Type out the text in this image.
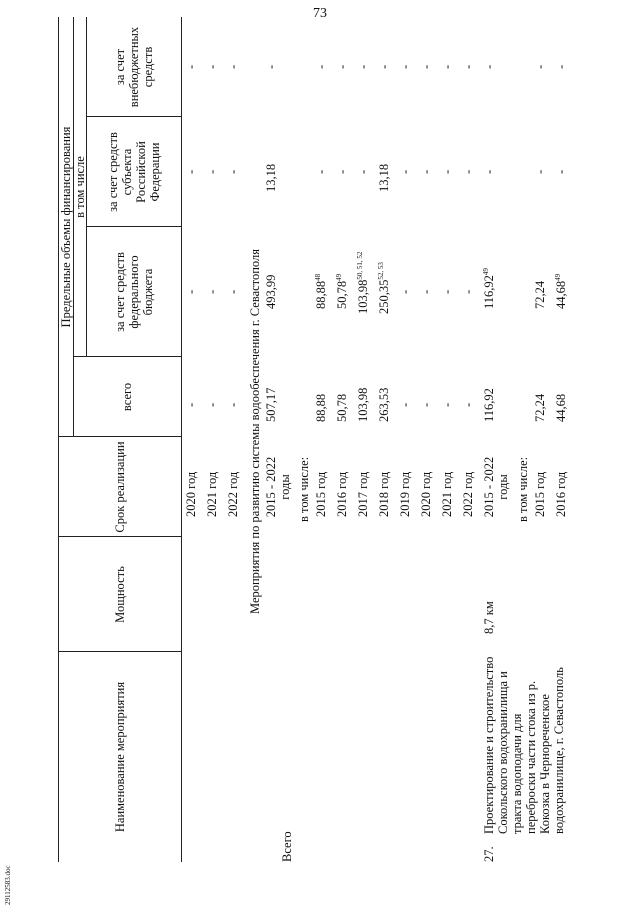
73
29112583.doc
Наименование мероприятия
Мощность
Срок реализации
Предельные объемы финансирования
всего
в том числе
за счет средств федерального бюджета
за счет средств субъекта Российской Федерации
за счет внебюджетных средств
2020 год
-
-
-
-
2021 год
-
-
-
-
2022 год
-
-
-
-
Мероприятия по развитию системы водообеспечения г. Севастополя
Всего
2015 - 2022 годы
507,17
493,99
13,18
-
в том числе: 2015 год
88,88
88,88$^{48}$
-
-
2016 год
50,78
50,78$^{49}$
-
-
2017 год
103,98
103,98$^{50, 51, 52}$
-
-
2018 год
263,53
250,35$^{52, 53}$
13,18
-
2019 год
-
-
-
-
2020 год
-
-
-
-
2021 год
-
-
-
-
2022 год
-
-
-
-
27.
Проектирование и строительство Сокольского водохранилища и тракта водоподачи для переброски части стока из р. Кокозка в Чернореченское водохранилище, г. Севастополь
8,7 км
2015 - 2022 годы
116,92
116,92$^{49}$
-
-
в том числе: 2015 год
72,24
72,24
-
-
2016 год
44,68
44,68$^{49}$
-
-
